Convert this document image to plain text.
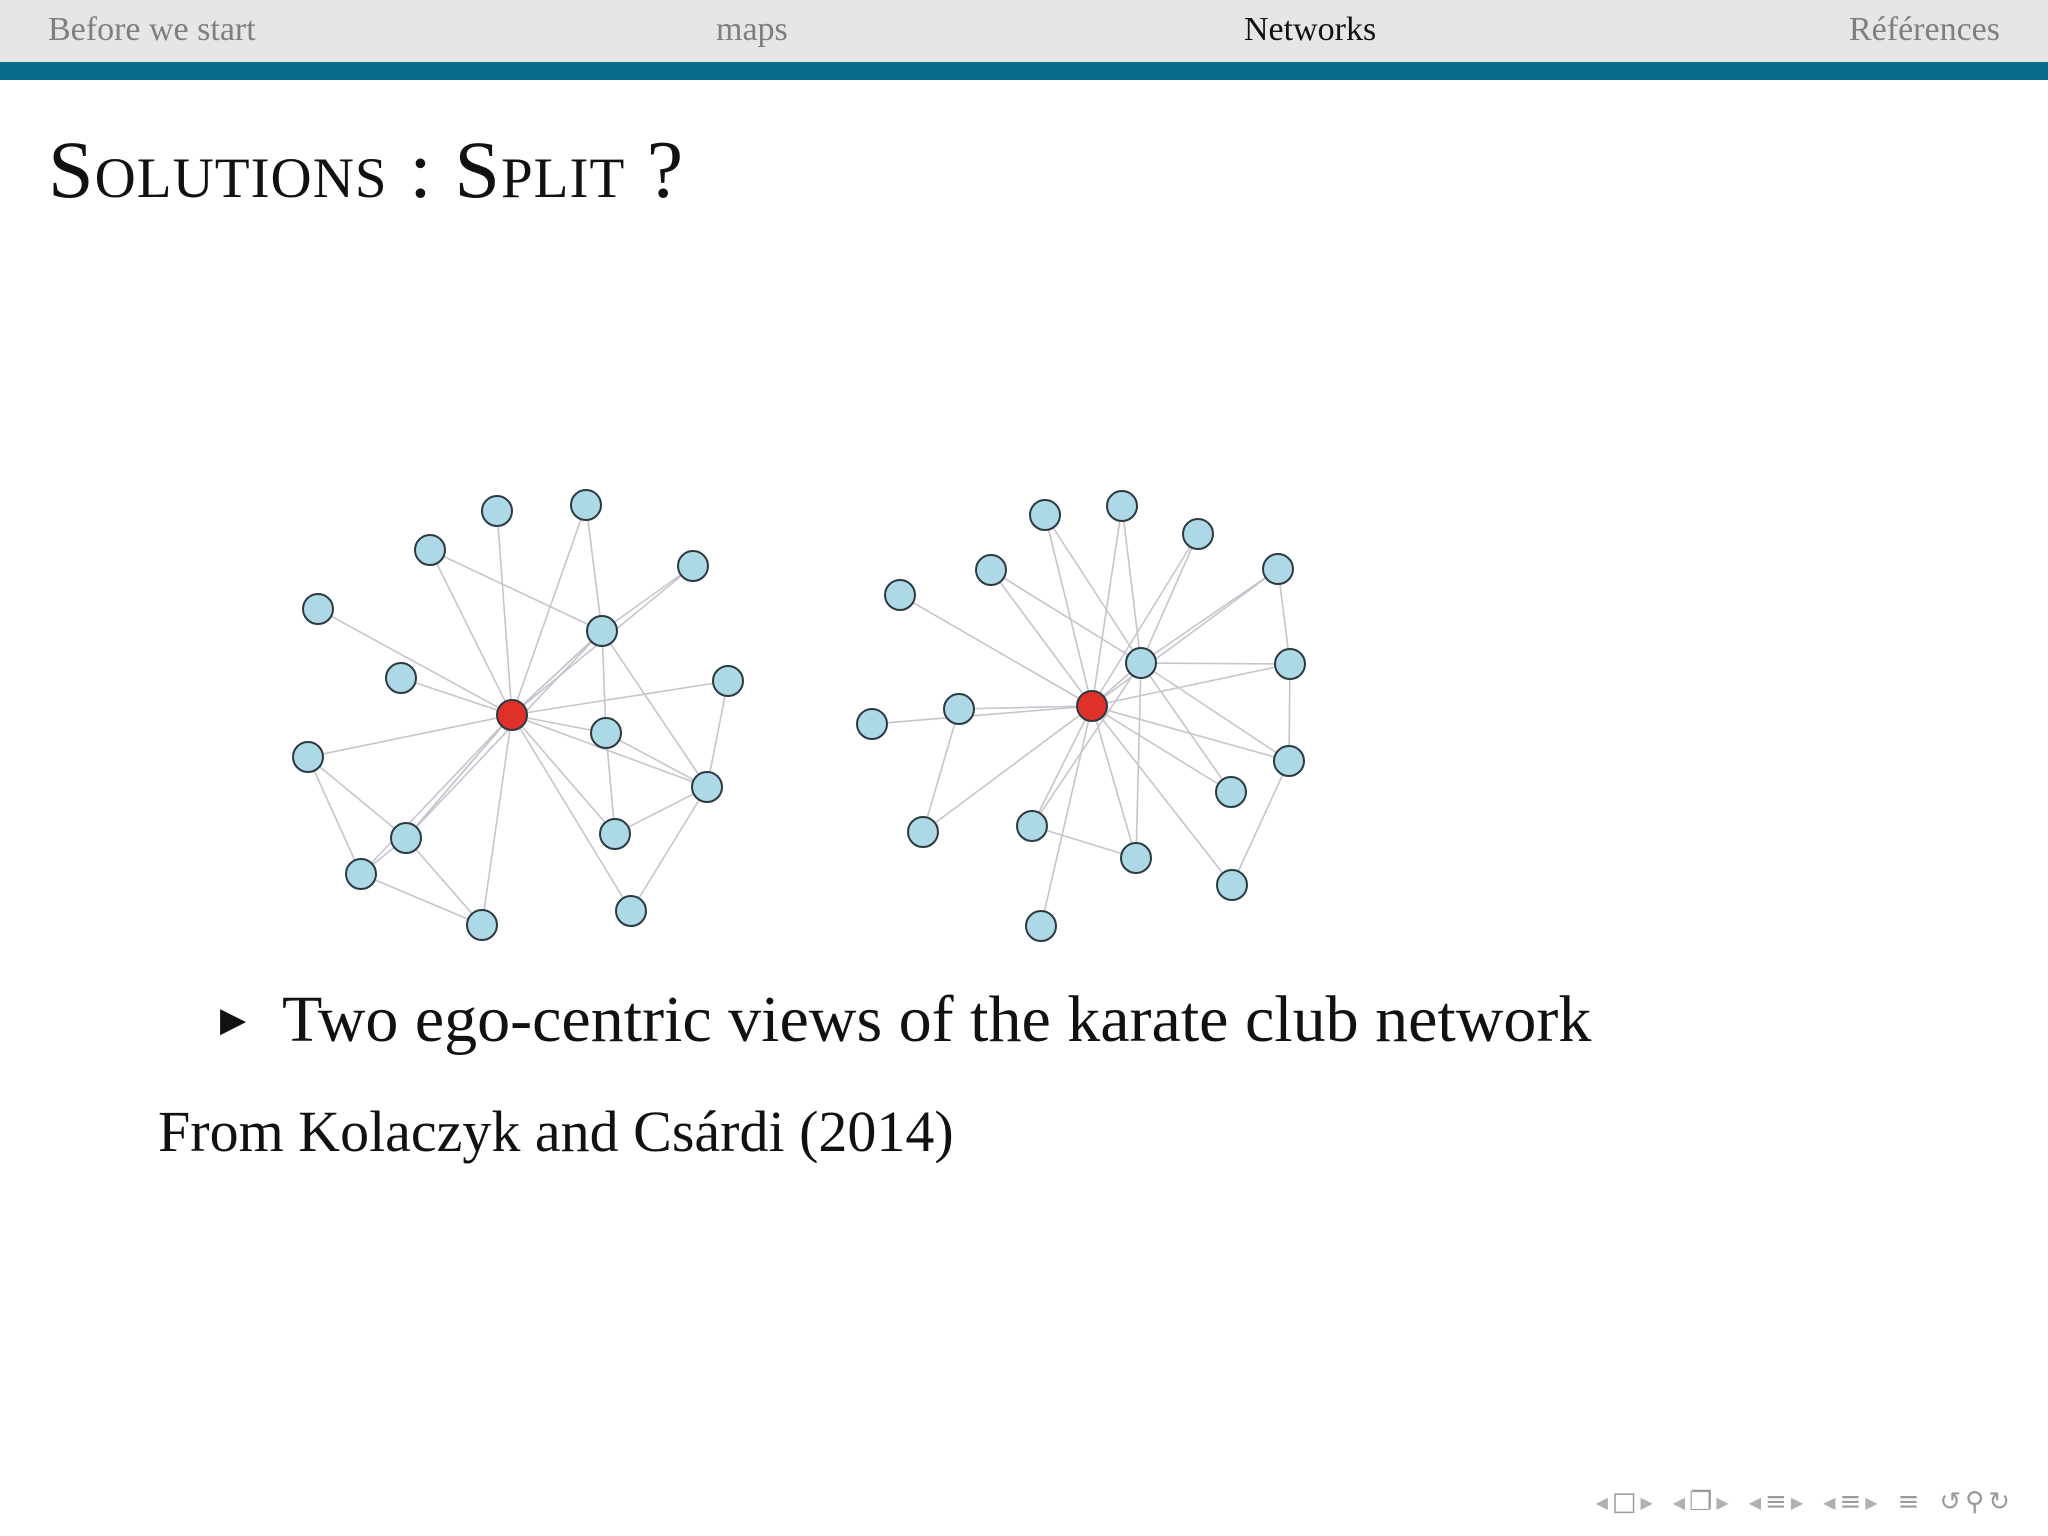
Before we start	maps	Networks	Références
Solutions : Split ?
▶ Two ego-centric views of the karate club network
From Kolaczyk and Csárdi (2014)
◀ □ ▶ ◀ ❐ ▶ ◀ ≡ ▶ ◀ ≡ ▶ ≡ ↺ ⚲ ↻
